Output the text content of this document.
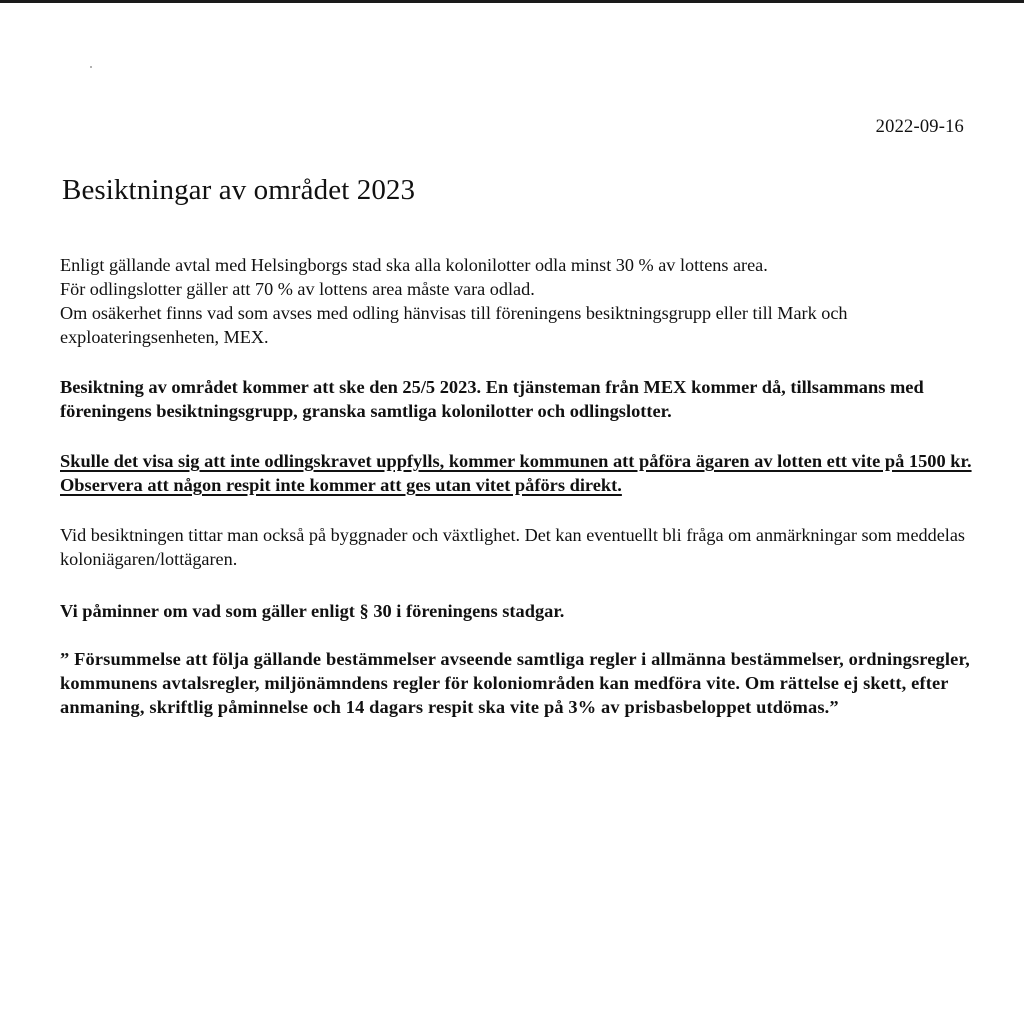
2022-09-16
Besiktningar av området 2023

Enligt gällande avtal med Helsingborgs stad ska alla kolonilotter odla minst 30 % av lottens area.
För odlingslotter gäller att 70 % av lottens area måste vara odlad.
Om osäkerhet finns vad som avses med odling hänvisas till föreningens besiktningsgrupp eller till Mark och exploateringsenheten, MEX.

Besiktning av området kommer att ske den 25/5 2023. En tjänsteman från MEX kommer då, tillsammans med föreningens besiktningsgrupp, granska samtliga kolonilotter och odlingslotter.

Skulle det visa sig att inte odlingskravet uppfylls, kommer kommunen att påföra ägaren av lotten ett vite på 1500 kr. Observera att någon respit inte kommer att ges utan vitet påförs direkt.

Vid besiktningen tittar man också på byggnader och växtlighet. Det kan eventuellt bli fråga om anmärkningar som meddelas koloniägaren/lottägaren.

Vi påminner om vad som gäller enligt § 30 i föreningens stadgar.

” Försummelse att följa gällande bestämmelser avseende samtliga regler i allmänna bestämmelser, ordningsregler, kommunens avtalsregler, miljönämndens regler för koloniområden kan medföra vite. Om rättelse ej skett, efter anmaning, skriftlig påminnelse och 14 dagars respit ska vite på 3% av prisbasbeloppet utdömas.”
